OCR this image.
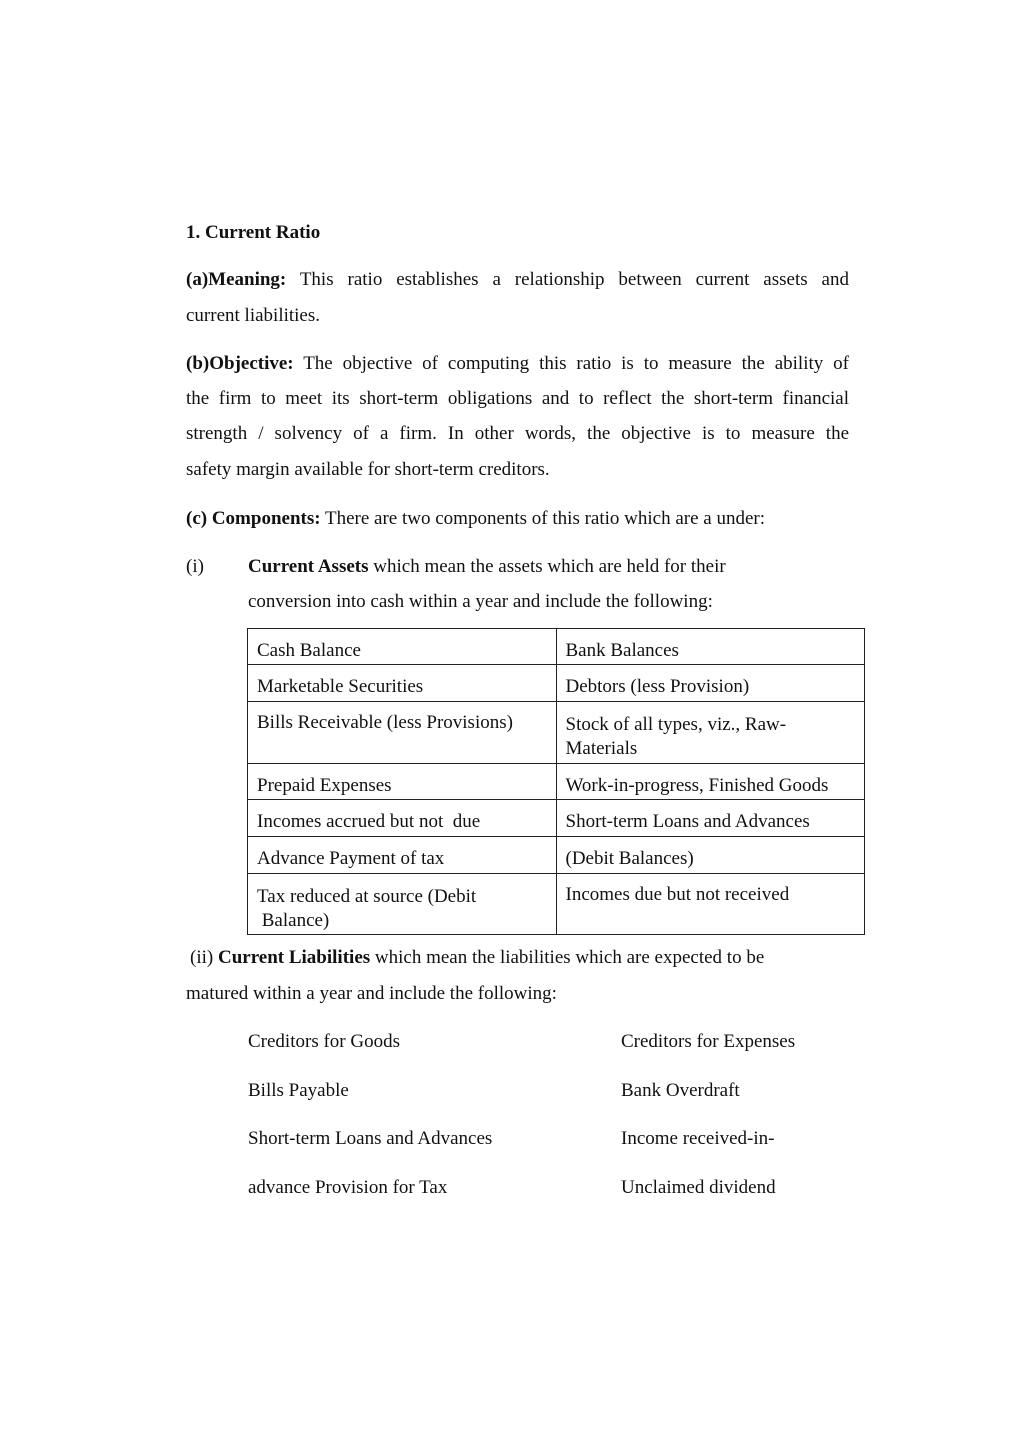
1. Current Ratio
(a)Meaning: This ratio establishes a relationship between current assets and
current liabilities.
(b)Objective: The objective of computing this ratio is to measure the ability of
the firm to meet its short-term obligations and to reflect the short-term financial
strength / solvency of a firm. In other words, the objective is to measure the
safety margin available for short-term creditors.
(c) Components: There are two components of this ratio which are a under:
(i) Current Assets which mean the assets which are held for their
conversion into cash within a year and include the following:
Cash Balance	Bank Balances
Marketable Securities	Debtors (less Provision)
Bills Receivable (less Provisions)	Stock of all types, viz., Raw-
Materials
Prepaid Expenses	Work-in-progress, Finished Goods
Incomes accrued but not  due	Short-term Loans and Advances
Advance Payment of tax	(Debit Balances)
Tax reduced at source (Debit
Balance)	Incomes due but not received
(ii) Current Liabilities which mean the liabilities which are expected to be
matured within a year and include the following:
Creditors for Goods	Creditors for Expenses
Bills Payable	Bank Overdraft
Short-term Loans and Advances	Income received-in-
advance Provision for Tax	Unclaimed dividend
